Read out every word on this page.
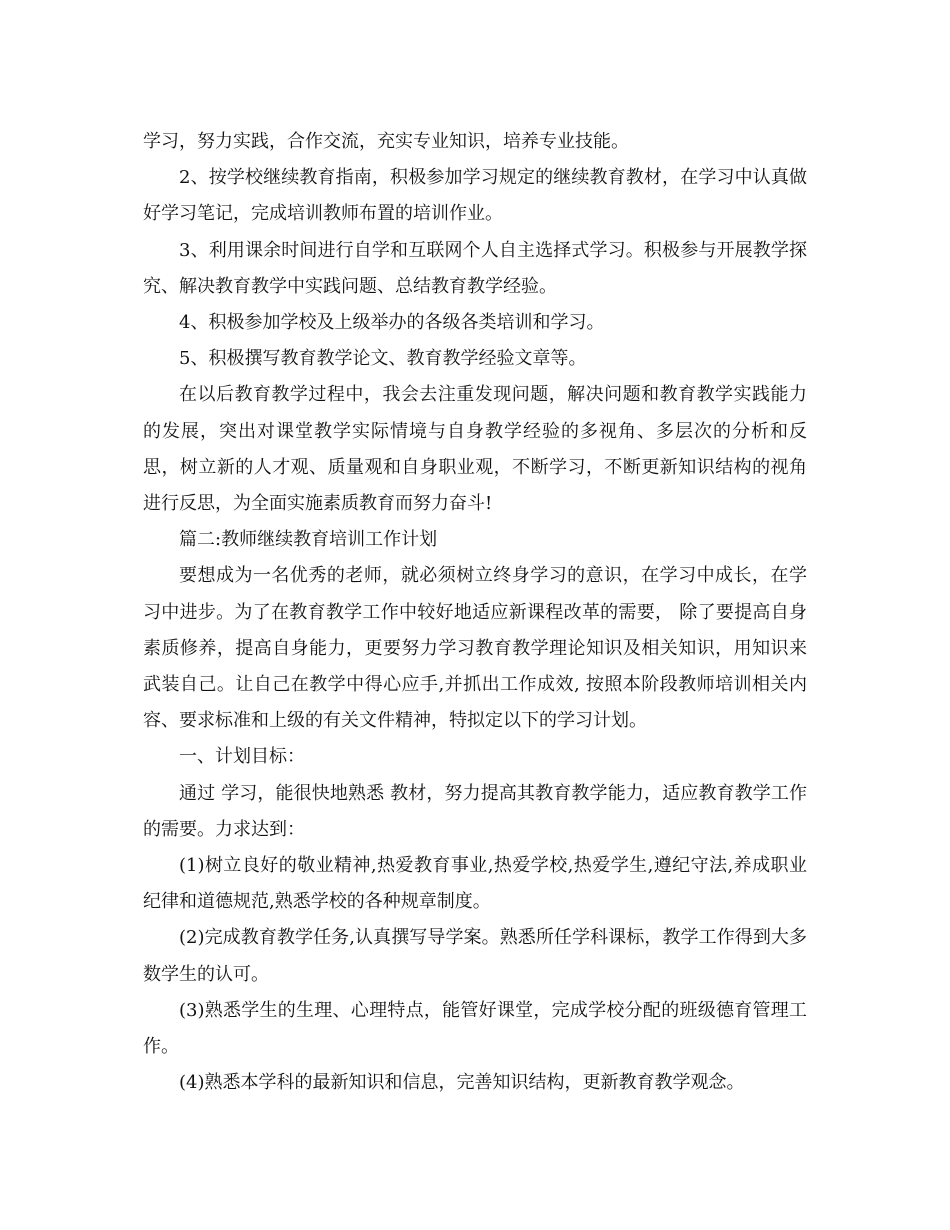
学习，努力实践，合作交流，充实专业知识，培养专业技能。

2、按学校继续教育指南，积极参加学习规定的继续教育教材，在学习中认真做好学习笔记，完成培训教师布置的培训作业。

3、利用课余时间进行自学和互联网个人自主选择式学习。积极参与开展教学探究、解决教育教学中实践问题、总结教育教学经验。

4、积极参加学校及上级举办的各级各类培训和学习。

5、积极撰写教育教学论文、教育教学经验文章等。

在以后教育教学过程中，我会去注重发现问题，解决问题和教育教学实践能力的发展，突出对课堂教学实际情境与自身教学经验的多视角、多层次的分析和反思，树立新的人才观、质量观和自身职业观，不断学习，不断更新知识结构的视角进行反思，为全面实施素质教育而努力奋斗!

篇二:教师继续教育培训工作计划

要想成为一名优秀的老师，就必须树立终身学习的意识，在学习中成长，在学习中进步。为了在教育教学工作中较好地适应新课程改革的需要， 除了要提高自身素质修养，提高自身能力，更要努力学习教育教学理论知识及相关知识，用知识来武装自己。让自己在教学中得心应手,并抓出工作成效, 按照本阶段教师培训相关内容、要求标准和上级的有关文件精神，特拟定以下的学习计划。

一、计划目标：

通过 学习，能很快地熟悉 教材，努力提高其教育教学能力，适应教育教学工作的需要。力求达到：

(1)树立良好的敬业精神,热爱教育事业,热爱学校,热爱学生,遵纪守法,养成职业纪律和道德规范,熟悉学校的各种规章制度。

(2)完成教育教学任务,认真撰写导学案。熟悉所任学科课标，教学工作得到大多数学生的认可。

(3)熟悉学生的生理、心理特点，能管好课堂，完成学校分配的班级德育管理工作。

(4)熟悉本学科的最新知识和信息，完善知识结构，更新教育教学观念。
